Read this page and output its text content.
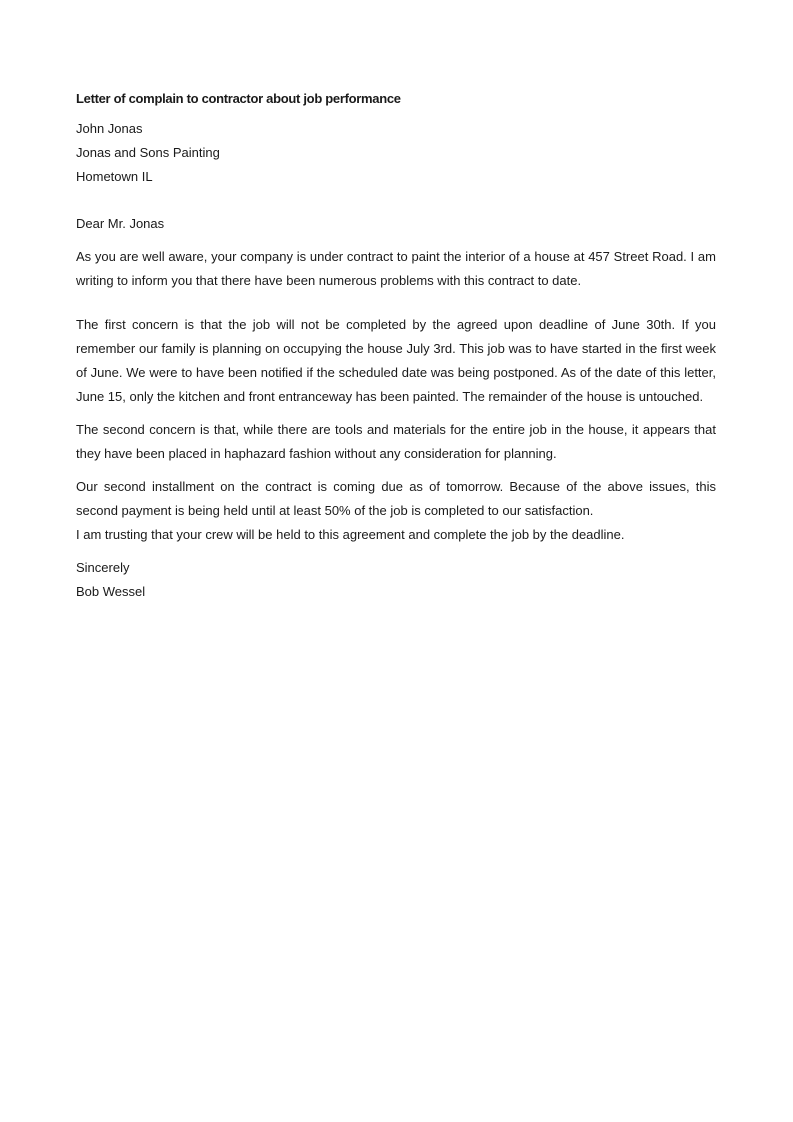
Letter of complain to contractor about job performance

John Jonas

Jonas and Sons Painting

Hometown IL

Dear Mr. Jonas

As you are well aware, your company is under contract to paint the interior of a house at 457 Street Road. I am writing to inform you that there have been numerous problems with this contract to date.

The first concern is that the job will not be completed by the agreed upon deadline of June 30th. If you remember our family is planning on occupying the house July 3rd. This job was to have started in the first week of June. We were to have been notified if the scheduled date was being postponed. As of the date of this letter, June 15, only the kitchen and front entranceway has been painted. The remainder of the house is untouched.

The second concern is that, while there are tools and materials for the entire job in the house, it appears that they have been placed in haphazard fashion without any consideration for planning.

Our second installment on the contract is coming due as of tomorrow. Because of the above issues, this second payment is being held until at least 50% of the job is completed to our satisfaction.

I am trusting that your crew will be held to this agreement and complete the job by the deadline.

Sincerely

Bob Wessel
